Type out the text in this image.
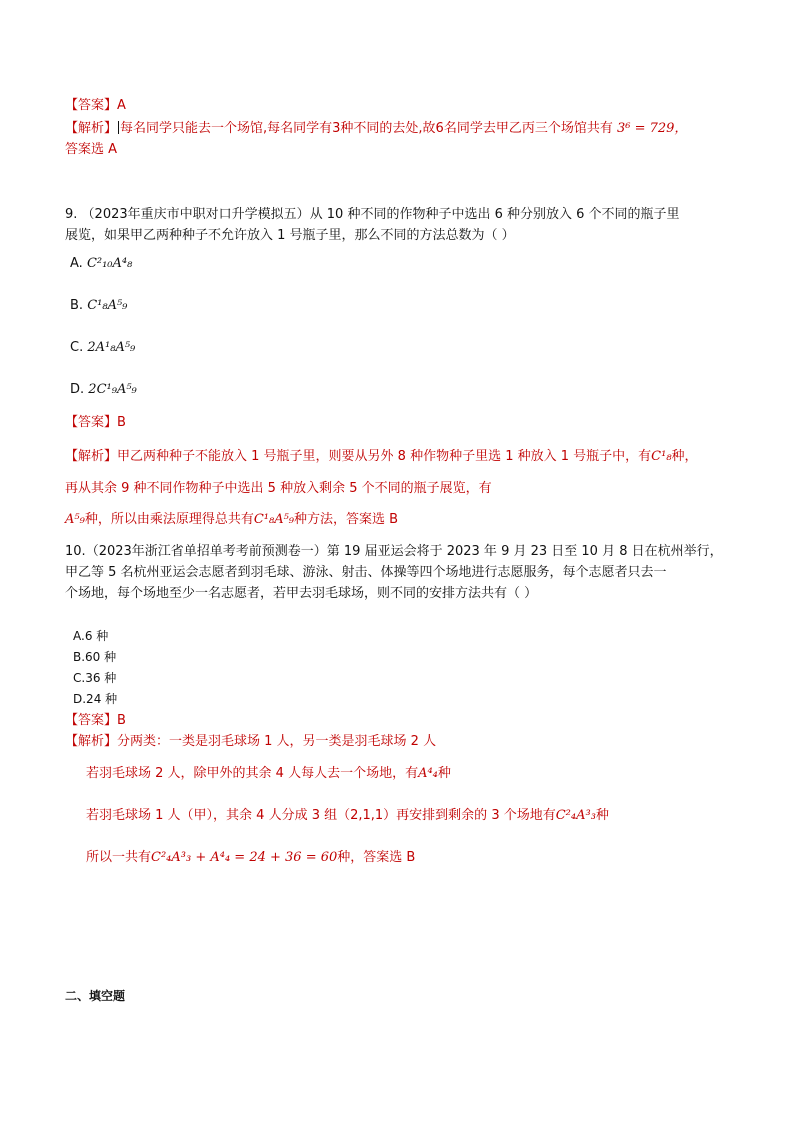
【答案】A
【解析】 每名同学只能去一个场馆,每名同学有3种不同的去处,故6名同学去甲乙丙三个场馆共有 3⁶ = 729，
答案选 A
9. （2023年重庆市中职对口升学模拟五）从 10 种不同的作物种子中选出 6 种分别放入 6 个不同的瓶子里
展览，如果甲乙两种种子不允许放入 1 号瓶子里，那么不同的方法总数为（ ）
A. C²₁₀A⁴₈
B. C¹₈A⁵₉
C. 2A¹₈A⁵₉
D. 2C¹₉A⁵₉
【答案】B
【解析】甲乙两种种子不能放入 1 号瓶子里，则要从另外 8 种作物种子里选 1 种放入 1 号瓶子中，有C¹₈种，
再从其余 9 种不同作物种子中选出 5 种放入剩余 5 个不同的瓶子展览，有
A⁵₉种，所以由乘法原理得总共有C¹₈A⁵₉种方法，答案选 B
10.（2023年浙江省单招单考考前预测卷一）第 19 届亚运会将于 2023 年 9 月 23 日至 10 月 8 日在杭州举行，
甲乙等 5 名杭州亚运会志愿者到羽毛球、游泳、射击、体操等四个场地进行志愿服务，每个志愿者只去一
个场地，每个场地至少一名志愿者，若甲去羽毛球场，则不同的安排方法共有（ ）
A.6 种
B.60 种
C.36 种
D.24 种
【答案】B
【解析】分两类：一类是羽毛球场 1 人，另一类是羽毛球场 2 人
若羽毛球场 2 人，除甲外的其余 4 人每人去一个场地，有A⁴₄种
若羽毛球场 1 人（甲），其余 4 人分成 3 组（2,1,1）再安排到剩余的 3 个场地有C²₄A³₃种
所以一共有C²₄A³₃ + A⁴₄ = 24 + 36 = 60种，答案选 B
二、填空题
